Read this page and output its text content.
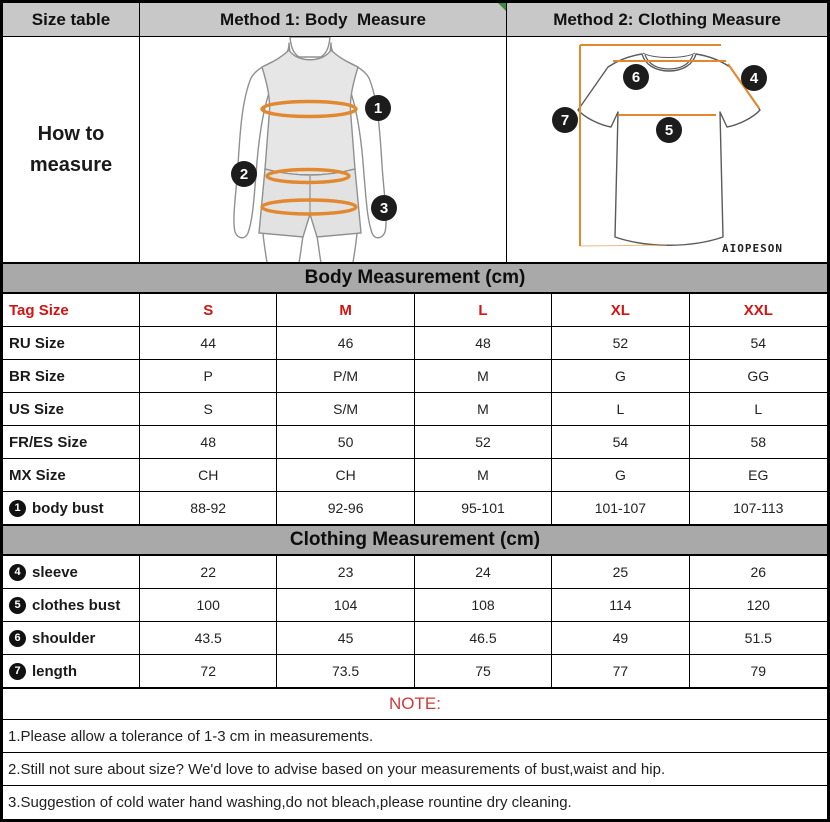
Size table	Method 1: Body  Measure	Method 2: Clothing Measure
How to measure
1
2
3
7
6	4
5
AIOPESON
Body Measurement (cm)
Tag Size	S	M	L	XL	XXL
RU Size	44	46	48	52	54
BR Size	P	P/M	M	G	GG
US Size	S	S/M	M	L	L
FR/ES Size	48	50	52	54	58
MX Size	CH	CH	M	G	EG
1 body bust	88-92	92-96	95-101	101-107	107-113
Clothing Measurement (cm)
4 sleeve	22	23	24	25	26
5 clothes bust	100	104	108	114	120
6 shoulder	43.5	45	46.5	49	51.5
7 length	72	73.5	75	77	79
NOTE:
1.Please allow a tolerance of 1-3 cm in measurements.
2.Still not sure about size? We'd love to advise based on your measurements of bust,waist and hip.
3.Suggestion of cold water hand washing,do not bleach,please rountine dry cleaning.
